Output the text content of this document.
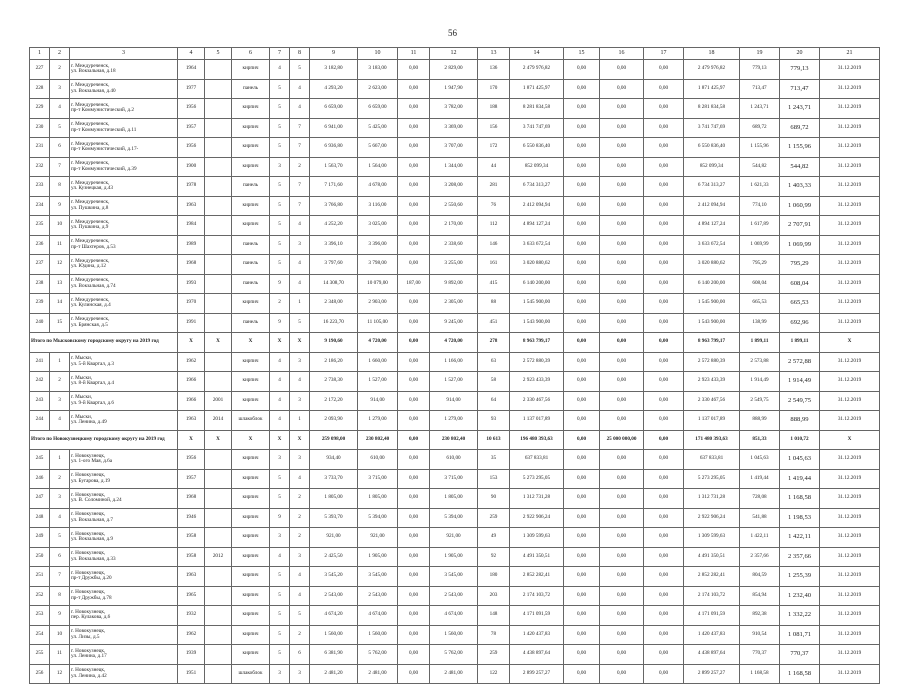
56
1	2	3	4	5	6	7	8	9	10	11	12	13	14	15	16	17	18	19	20	21
227	2	г. Междуреченск,
ул. Вокзальная, д.18	1964		кирпич	4	5	3 182,80	3 183,00	0,00	2 829,00	136	2 479 976,82	0,00	0,00	0,00	2 479 976,82	779,13	779,13	31.12.2019
228	3	г. Междуреченск,
ул. Вокзальная, д.40	1977		панель	5	4	4 293,20	2 623,00	0,00	1 947,90	170	1 871 425,97	0,00	0,00	0,00	1 871 425,97	713,47	713,47	31.12.2019
229	4	г. Междуреченск,
пр-т Коммунистический, д.2	1956		кирпич	5	4	6 659,00	6 659,00	0,00	3 782,00	188	8 281 834,58	0,00	0,00	0,00	8 281 834,58	1 243,71	1 243,71	31.12.2019
230	5	г. Междуреченск,
пр-т Коммунистический, д.11	1957		кирпич	5	7	6 941,00	5 425,00	0,00	3 369,00	156	3 741 747,69	0,00	0,00	0,00	3 741 747,69	689,72	689,72	31.12.2019
231	6	г. Междуреченск,
пр-т Коммунистический, д.17-	1956		кирпич	5	7	6 936,80	5 667,00	0,00	3 707,00	172	6 550 836,40	0,00	0,00	0,00	6 550 836,40	1 155,96	1 155,96	31.12.2019
232	7	г. Междуреченск,
пр-т Коммунистический, д.39	1900		кирпич	3	2	1 563,70	1 564,00	0,00	1 344,00	44	852 099,34	0,00	0,00	0,00	852 099,34	544,82	544,82	31.12.2019
233	8	г. Междуреченск,
ул. Кузнецкая, д.43	1978		панель	5	7	7 171,60	4 678,00	0,00	3 208,00	281	6 734 313,27	0,00	0,00	0,00	6 734 313,27	1 621,33	1 403,33	31.12.2019
234	9	г. Междуреченск,
ул. Пушкина, д.8	1963		кирпич	5	7	3 766,80	3 116,00	0,00	2 550,60	76	2 412 094,94	0,00	0,00	0,00	2 412 094,94	774,10	1 060,99	31.12.2019
235	10	г. Междуреченск,
ул. Пушкина, д.9	1984		кирпич	5	4	4 252,20	3 025,00	0,00	2 170,00	112	4 894 127,24	0,00	0,00	0,00	4 894 127,24	1 617,89	2 707,91	31.12.2019
236	11	г. Междуреченск,
пр-т Шахтеров, д.53	1989		панель	5	3	3 396,10	3 396,00	0,00	2 338,60	146	3 633 672,54	0,00	0,00	0,00	3 633 672,54	1 069,99	1 069,99	31.12.2019
237	12	г. Междуреченск,
ул. Юдина, д.12	1968		панель	5	4	3 797,60	3 798,00	0,00	3 255,00	161	3 020 880,62	0,00	0,00	0,00	3 020 880,62	795,29	795,29	31.12.2019
238	13	г. Междуреченск,
ул. Вокзальная, д.74	1993		панель	9	4	14 308,70	10 079,00	187,00	9 892,00	415	6 140 200,00	0,00	0,00	0,00	6 140 200,00	608,04	608,04	31.12.2019
239	14	г. Междуреченск,
ул. Кулинская, д.4	1970		кирпич	2	1	2 348,00	2 903,00	0,00	2 305,00	88	1 545 900,00	0,00	0,00	0,00	1 545 900,00	665,53	665,53	31.12.2019
240	15	г. Междуреченск,
ул. Брянская, д.5	1991		панель	9	5	16 223,70	11 105,00	0,00	9 245,00	451	1 543 900,00	0,00	0,00	0,00	1 543 900,00	138,99	692,96	31.12.2019
Итого по Мысковскому городскому округу на 2019 год			X	X	X	X	X	9 190,60	4 720,00	0,00	4 720,00	278	8 963 799,17	0,00	0,00	0,00	8 963 799,17	1 899,11	1 899,11	X
241	1	г. Мыски,
ул. 5-й Квартал, д.3	1962		кирпич	4	3	2 186,20	1 660,00	0,00	1 166,00	63	2 572 880,39	0,00	0,00	0,00	2 572 880,39	2 573,88	2 572,88	31.12.2019
242	2	г. Мыски,
ул. 8-й Квартал, д.4	1966		кирпич	4	4	2 738,30	1 527,00	0,00	1 527,00	58	2 923 433,39	0,00	0,00	0,00	2 923 433,39	1 914,49	1 914,49	31.12.2019
243	3	г. Мыски,
ул. 9-й Квартал, д.6	1966	2001	кирпич	4	3	2 172,20	914,00	0,00	914,00	64	2 330 467,56	0,00	0,00	0,00	2 330 467,56	2 549,75	2 549,75	31.12.2019
244	4	г. Мыски,
ул. Ленина, д.49	1963	2014	шлакоблок	4	1	2 093,90	1 279,00	0,00	1 279,00	93	1 137 017,89	0,00	0,00	0,00	1 137 017,89	888,99	888,99	31.12.2019
Итого по Новокузнецкому городскому округу на 2019 год			X	X	X	X	X	259 098,00	230 802,40	0,00	230 802,40	10 613	196 480 393,63	0,00	25 000 000,00	0,00	171 480 393,63	851,33	1 010,72	X
245	1	г. Новокузнецк,
ул. 1-ого Мая, д.6а	1956		кирпич	3	3	934,40	610,00	0,00	610,00	35	637 833,81	0,00	0,00	0,00	637 833,81	1 045,63	1 045,63	31.12.2019
246	2	г. Новокузнецк,
ул. Бугарова, д.19	1957		кирпич	5	4	3 733,70	3 715,00	0,00	3 715,00	153	5 273 295,05	0,00	0,00	0,00	5 273 295,05	1 419,44	1 419,44	31.12.2019
247	3	г. Новокузнецк,
ул. В. Соломиной, д.24	1968		кирпич	5	2	1 805,00	1 805,00	0,00	1 805,00	90	1 312 731,28	0,00	0,00	0,00	1 312 731,28	728,08	1 168,58	31.12.2019
248	4	г. Новокузнецк,
ул. Вокзальная, д.7	1946		кирпич	9	2	5 393,70	5 394,00	0,00	5 394,00	259	2 922 906,24	0,00	0,00	0,00	2 922 906,24	541,88	1 198,53	31.12.2019
249	5	г. Новокузнецк,
ул. Вокзальная, д.9	1958		кирпич	3	2	921,00	921,00	0,00	921,00	49	1 309 599,63	0,00	0,00	0,00	1 309 599,63	1 422,11	1 422,11	31.12.2019
250	6	г. Новокузнецк,
ул. Вокзальная, д.33	1958	2012	кирпич	4	3	2 425,50	1 905,00	0,00	1 905,00	92	4 491 350,51	0,00	0,00	0,00	4 491 350,51	2 357,66	2 357,66	31.12.2019
251	7	г. Новокузнецк,
пр-т Дружбы, д.20	1963		кирпич	5	4	3 545,20	3 545,00	0,00	3 545,00	180	2 852 282,41	0,00	0,00	0,00	2 852 282,41	804,59	1 255,39	31.12.2019
252	8	г. Новокузнецк,
пр-т Дружбы, д.78	1965		кирпич	5	4	2 543,00	2 543,00	0,00	2 543,00	203	2 174 103,72	0,00	0,00	0,00	2 174 103,72	854,94	1 232,40	31.12.2019
253	9	г. Новокузнецк,
пер. Кулакова, д.6	1932		кирпич	5	5	4 674,20	4 674,00	0,00	4 674,00	148	4 171 091,59	0,00	0,00	0,00	4 171 091,59	892,38	1 332,22	31.12.2019
254	10	г. Новокузнецк,
ул. Лизы, д.5	1962		кирпич	5	2	1 560,00	1 560,00	0,00	1 560,00	78	1 420 437,83	0,00	0,00	0,00	1 420 437,83	910,54	1 081,71	31.12.2019
255	11	г. Новокузнецк,
ул. Ленина, д.17	1939		кирпич	5	6	6 381,90	5 762,00	0,00	5 762,00	259	4 438 897,64	0,00	0,00	0,00	4 438 897,64	770,37	770,37	31.12.2019
256	12	г. Новокузнецк,
ул. Ленина, д.42	1951		шлакоблок	3	3	2 481,20	2 481,00	0,00	2 481,00	122	2 899 257,27	0,00	0,00	0,00	2 899 257,27	1 168,58	1 168,58	31.12.2019
